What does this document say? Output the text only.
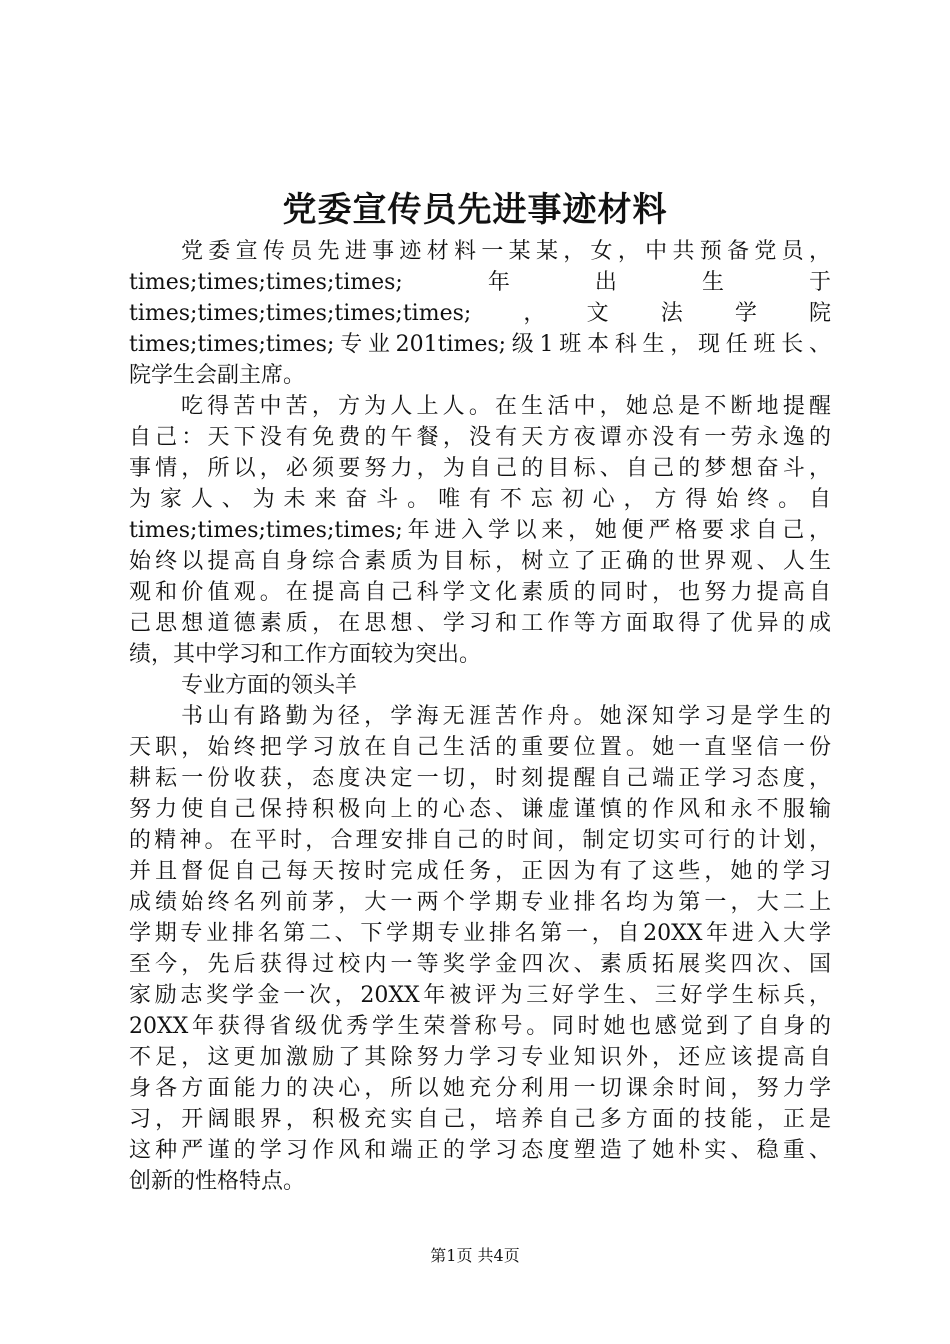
党委宣传员先进事迹材料
党委宣传员先进事迹材料一某某，女，中共预备党员，
times;times;times;times;　　年　　出　　生　　于
times;times;times;times;times;　，　文　法　学　院
times;times;times;专业201times;级1班本科生，现任班长、
院学生会副主席。
吃得苦中苦，方为人上人。在生活中，她总是不断地提醒
自己：天下没有免费的午餐，没有天方夜谭亦没有一劳永逸的
事情，所以，必须要努力，为自己的目标、自己的梦想奋斗，
为家人、为未来奋斗。唯有不忘初心，方得始终。自
times;times;times;times;年进入学以来，她便严格要求自己，
始终以提高自身综合素质为目标，树立了正确的世界观、人生
观和价值观。在提高自己科学文化素质的同时，也努力提高自
己思想道德素质，在思想、学习和工作等方面取得了优异的成
绩，其中学习和工作方面较为突出。
专业方面的领头羊
书山有路勤为径，学海无涯苦作舟。她深知学习是学生的
天职，始终把学习放在自己生活的重要位置。她一直坚信一份
耕耘一份收获，态度决定一切，时刻提醒自己端正学习态度，
努力使自己保持积极向上的心态、谦虚谨慎的作风和永不服输
的精神。在平时，合理安排自己的时间，制定切实可行的计划，
并且督促自己每天按时完成任务，正因为有了这些，她的学习
成绩始终名列前茅，大一两个学期专业排名均为第一，大二上
学期专业排名第二、下学期专业排名第一，自20XX年进入大学
至今，先后获得过校内一等奖学金四次、素质拓展奖四次、国
家励志奖学金一次，20XX年被评为三好学生、三好学生标兵，
20XX年获得省级优秀学生荣誉称号。同时她也感觉到了自身的
不足，这更加激励了其除努力学习专业知识外，还应该提高自
身各方面能力的决心，所以她充分利用一切课余时间，努力学
习，开阔眼界，积极充实自己，培养自己多方面的技能，正是
这种严谨的学习作风和端正的学习态度塑造了她朴实、稳重、
创新的性格特点。
第1页 共4页
